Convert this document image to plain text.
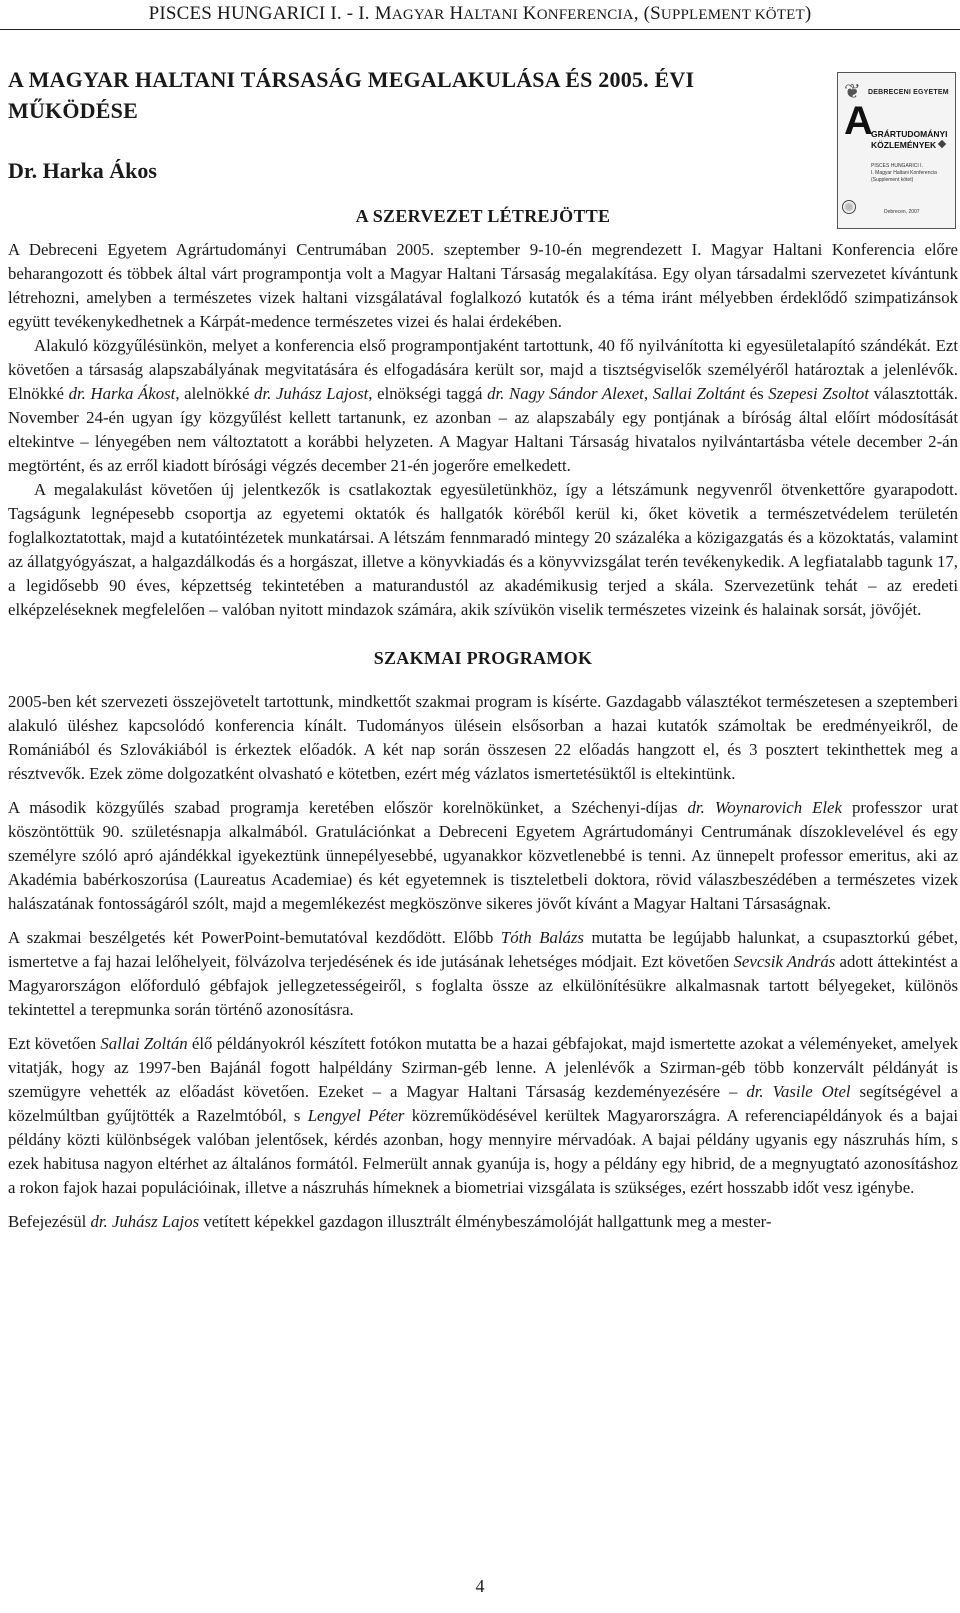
PISCES HUNGARICI I. - I. MAGYAR HALTANI KONFERENCIA, (SUPPLEMENT KÖTET)
A MAGYAR HALTANI TÁRSASÁG MEGALAKULÁSA ÉS 2005. ÉVI MŰKÖDÉSE

Dr. Harka Ákos

❦ DEBRECENI EGYETEM
A
GRÁRTUDOMÁNYI
KÖZLEMÉNYEK
PISCES HUNGARICI I.
I. Magyar Haltani Konferencia
(Supplement kötet)
Debrecen, 2007
A SZERVEZET LÉTREJÖTTE

A Debreceni Egyetem Agrártudományi Centrumában 2005. szeptember 9-10-én megrendezett I. Magyar Haltani Konferencia előre beharangozott és többek által várt programpontja volt a Magyar Haltani Társaság megalakítása. Egy olyan társadalmi szervezetet kívántunk létrehozni, amelyben a természetes vizek haltani vizsgálatával foglalkozó kutatók és a téma iránt mélyebben érdeklődő szimpatizánsok együtt tevékenykedhetnek a Kárpát-medence természetes vizei és halai érdekében.

Alakuló közgyűlésünkön, melyet a konferencia első programpontjaként tartottunk, 40 fő nyilvánította ki egyesületalapító szándékát. Ezt követően a társaság alapszabályának megvitatására és elfogadására került sor, majd a tisztségviselők személyéről határoztak a jelenlévők. Elnökké dr. Harka Ákost, alelnökké dr. Juhász Lajost, elnökségi taggá dr. Nagy Sándor Alexet, Sallai Zoltánt és Szepesi Zsoltot választották. November 24-én ugyan így közgyűlést kellett tartanunk, ez azonban – az alapszabály egy pontjának a bíróság által előírt módosítását eltekintve – lényegében nem változtatott a korábbi helyzeten. A Magyar Haltani Társaság hivatalos nyilvántartásba vétele december 2-án megtörtént, és az erről kiadott bírósági végzés december 21-én jogerőre emelkedett.

A megalakulást követően új jelentkezők is csatlakoztak egyesületünkhöz, így a létszámunk negyvenről ötvenkettőre gyarapodott. Tagságunk legnépesebb csoportja az egyetemi oktatók és hallgatók köréből kerül ki, őket követik a természetvédelem területén foglalkoztatottak, majd a kutatóintézetek munkatársai. A létszám fennmaradó mintegy 20 százaléka a közigazgatás és a közoktatás, valamint az állatgyógyászat, a halgazdálkodás és a horgászat, illetve a könyvkiadás és a könyvvizsgálat terén tevékenykedik. A legfiatalabb tagunk 17, a legidősebb 90 éves, képzettség tekintetében a maturandustól az akadémikusig terjed a skála. Szervezetünk tehát – az eredeti elképzeléseknek megfelelően – valóban nyitott mindazok számára, akik szívükön viselik természetes vizeink és halainak sorsát, jövőjét.

SZAKMAI PROGRAMOK

2005-ben két szervezeti összejövetelt tartottunk, mindkettőt szakmai program is kísérte. Gazdagabb választékot természetesen a szeptemberi alakuló üléshez kapcsolódó konferencia kínált. Tudományos ülésein elsősorban a hazai kutatók számoltak be eredményeikről, de Romániából és Szlovákiából is érkeztek előadók. A két nap során összesen 22 előadás hangzott el, és 3 posztert tekinthettek meg a résztvevők. Ezek zöme dolgozatként olvasható e kötetben, ezért még vázlatos ismertetésüktől is eltekintünk.

A második közgyűlés szabad programja keretében először korelnökünket, a Széchenyi-díjas dr. Woynarovich Elek professzor urat köszöntöttük 90. születésnapja alkalmából. Gratulációnkat a Debreceni Egyetem Agrártudományi Centrumának díszoklevelével és egy személyre szóló apró ajándékkal igyekeztünk ünnepélyesebbé, ugyanakkor közvetlenebbé is tenni. Az ünnepelt professor emeritus, aki az Akadémia babérkoszorúsa (Laureatus Academiae) és két egyetemnek is tiszteletbeli doktora, rövid válaszbeszédében a természetes vizek halászatának fontosságáról szólt, majd a megemlékezést megköszönve sikeres jövőt kívánt a Magyar Haltani Társaságnak.

A szakmai beszélgetés két PowerPoint-bemutatóval kezdődött. Előbb Tóth Balázs mutatta be legújabb halunkat, a csupasztorkú gébet, ismertetve a faj hazai lelőhelyeit, fölvázolva terjedésének és ide jutásának lehetséges módjait. Ezt követően Sevcsik András adott áttekintést a Magyarországon előforduló gébfajok jellegzetességeiről, s foglalta össze az elkülönítésükre alkalmasnak tartott bélyegeket, különös tekintettel a terepmunka során történő azonosításra.

Ezt követően Sallai Zoltán élő példányokról készített fotókon mutatta be a hazai gébfajokat, majd ismertette azokat a véleményeket, amelyek vitatják, hogy az 1997-ben Bajánál fogott halpéldány Szirman-géb lenne. A jelenlévők a Szirman-géb több konzervált példányát is szemügyre vehették az előadást követően. Ezeket – a Magyar Haltani Társaság kezdeményezésére – dr. Vasile Otel segítségével a közelmúltban gyűjtötték a Razelmtóból, s Lengyel Péter közreműködésével kerültek Magyarországra. A referenciapéldányok és a bajai példány közti különbségek valóban jelentősek, kérdés azonban, hogy mennyire mérvadóak. A bajai példány ugyanis egy nászruhás hím, s ezek habitusa nagyon eltérhet az általános formától. Felmerült annak gyanúja is, hogy a példány egy hibrid, de a megnyugtató azonosításhoz a rokon fajok hazai populációinak, illetve a nászruhás hímeknek a biometriai vizsgálata is szükséges, ezért hosszabb időt vesz igénybe.

Befejezésül dr. Juhász Lajos vetített képekkel gazdagon illusztrált élménybeszámolóját hallgattunk meg a mester-

4
